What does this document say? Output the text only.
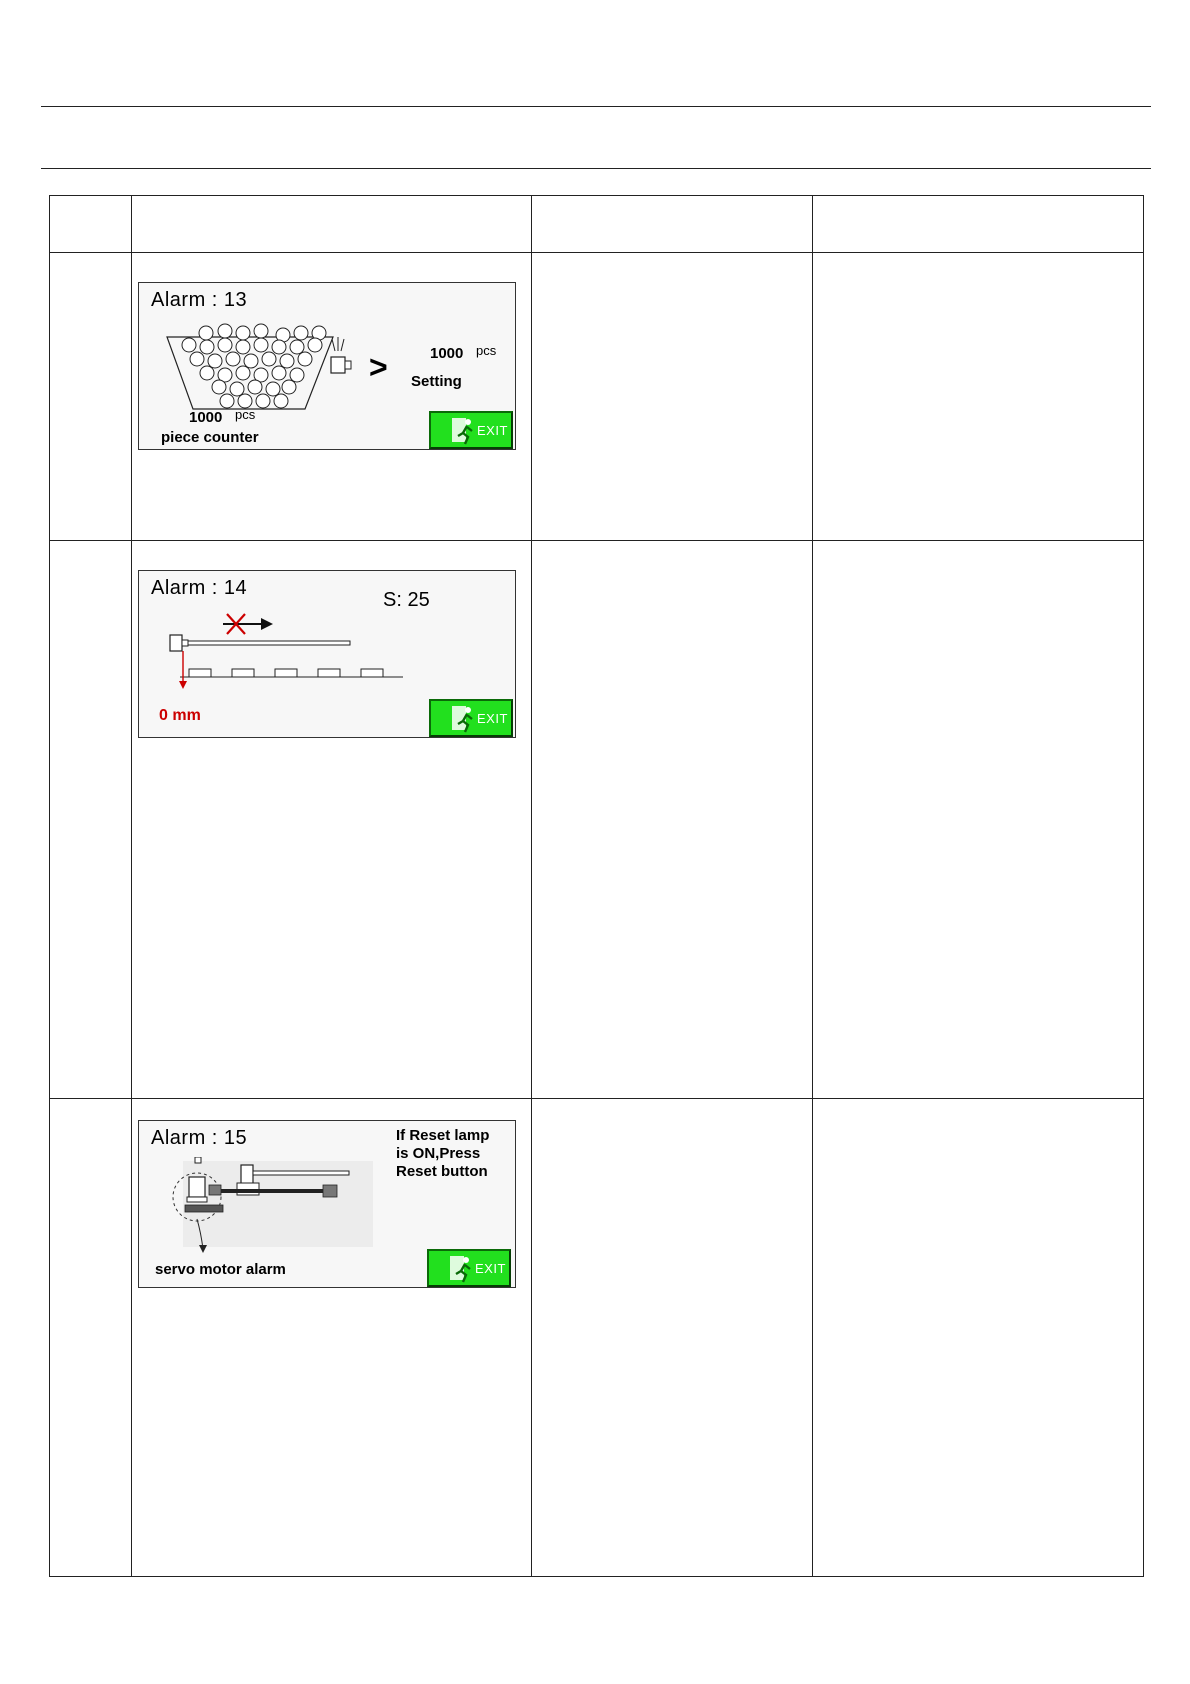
Alarm : 13
>	1000 pcs
Setting
1000 pcs
piece counter	EXIT
Alarm : 14
S: 25
0 mm	EXIT
Alarm : 15	If Reset lamp
is ON,Press
Reset button
servo motor alarm	EXIT
